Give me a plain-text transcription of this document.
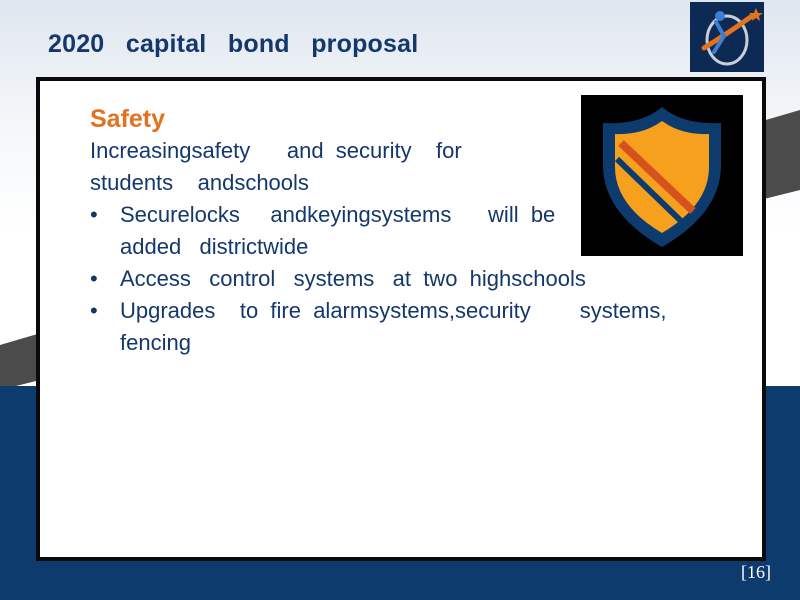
2020   capital   bond   proposal
Safety
Increasingsafety      and  security    for
students    andschools
• Securelocks     andkeyingsystems      will  be
added   districtwide
• Access   control   systems   at  two  highschools
• Upgrades    to  fire  alarmsystems,security        systems,
fencing
[16]
